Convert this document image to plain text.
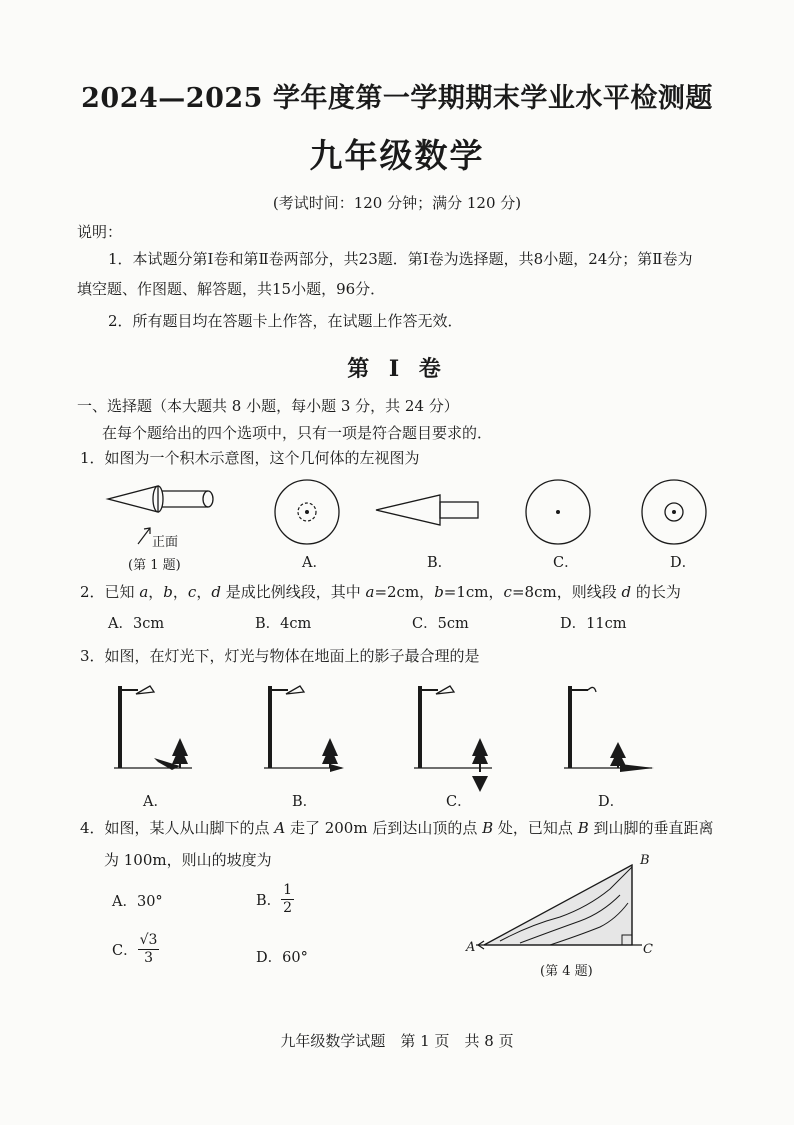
2024—2025 学年度第一学期期末学业水平检测题
九年级数学
(考试时间：120 分钟；满分 120 分)
说明：
1．本试题分第Ⅰ卷和第Ⅱ卷两部分，共23题．第Ⅰ卷为选择题，共8小题，24分；第Ⅱ卷为
填空题、作图题、解答题，共15小题，96分．
2．所有题目均在答题卡上作答，在试题上作答无效．
第 I 卷
一、选择题（本大题共 8 小题，每小题 3 分，共 24 分）
在每个题给出的四个选项中，只有一项是符合题目要求的．
1．如图为一个积木示意图，这个几何体的左视图为
正面
(第 1 题)	A．	B．	C．	D．
2．已知 a，b，c，d 是成比例线段，其中 a=2cm，b=1cm，c=8cm，则线段 d 的长为
A．3cm	B．4cm	C．5cm	D．11cm
3．如图，在灯光下，灯光与物体在地面上的影子最合理的是
A．	B．	C．	D．
4．如图，某人从山脚下的点 A 走了 200m 后到达山顶的点 B 处，已知点 B 到山脚的垂直距离
为 100m，则山的坡度为
A．30°	B． $\frac{1}{2}$
C． $\frac{√3}{3}$	D．60°
B
A	C
(第 4 题)
九年级数学试题　第 1 页　共 8 页
